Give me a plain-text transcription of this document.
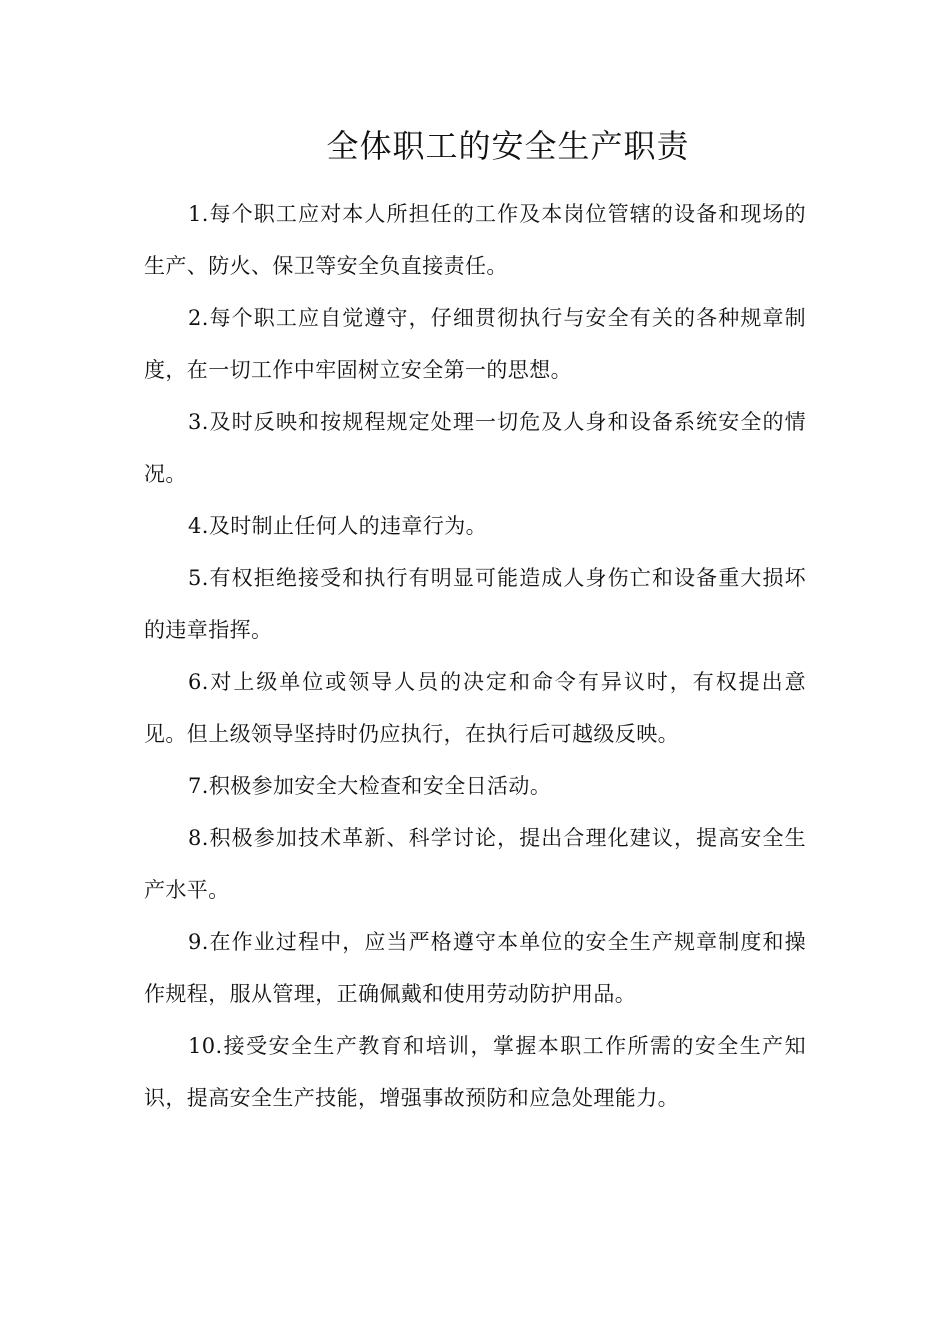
全体职工的安全生产职责

1.每个职工应对本人所担任的工作及本岗位管辖的设备和现场的生产、防火、保卫等安全负直接责任。

2.每个职工应自觉遵守，仔细贯彻执行与安全有关的各种规章制度，在一切工作中牢固树立安全第一的思想。

3.及时反映和按规程规定处理一切危及人身和设备系统安全的情况。

4.及时制止任何人的违章行为。

5.有权拒绝接受和执行有明显可能造成人身伤亡和设备重大损坏的违章指挥。

6.对上级单位或领导人员的决定和命令有异议时，有权提出意见。但上级领导坚持时仍应执行，在执行后可越级反映。

7.积极参加安全大检查和安全日活动。

8.积极参加技术革新、科学讨论，提出合理化建议，提高安全生产水平。

9.在作业过程中，应当严格遵守本单位的安全生产规章制度和操作规程，服从管理，正确佩戴和使用劳动防护用品。

10.接受安全生产教育和培训，掌握本职工作所需的安全生产知识，提高安全生产技能，增强事故预防和应急处理能力。
